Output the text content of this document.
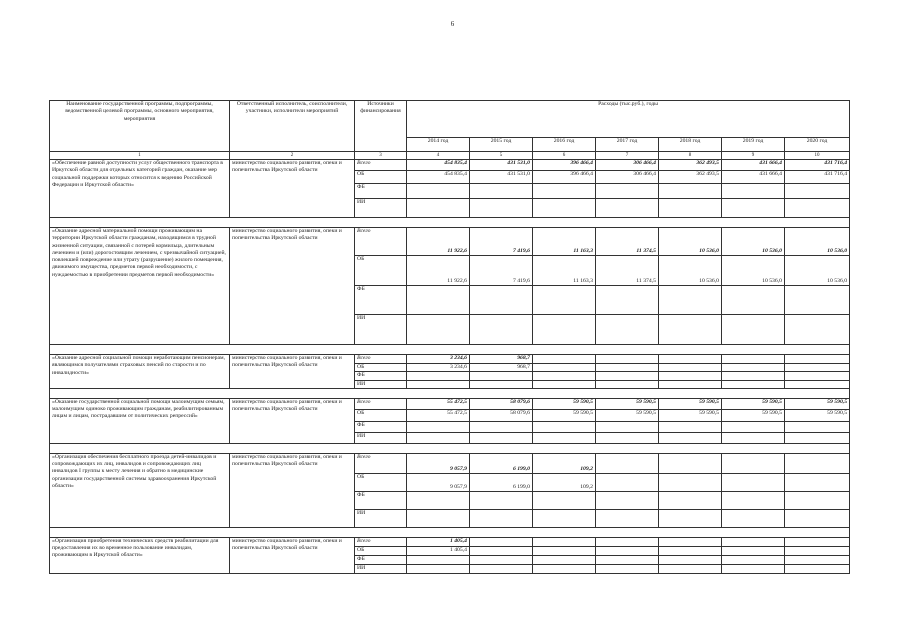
6
Наименование государственной программы, подпрограммы, ведомственной целевой программы, основного мероприятия, мероприятия	Ответственный исполнитель, соисполнители, участники, исполнители мероприятий	Источники финансирования	Расходы (тыс.руб.), годы						
			2014 год	2015 год	2016 год	2017 год	2018 год	2019 год	2020 год
1	2	3	4	5	6	7	8	9	10
«Обеспечение равной доступности услуг общественного транспорта в Иркутской области для отдельных категорий граждан, оказание мер социальной поддержки которых относится к ведению Российской Федерации и Иркутской области»	министерство социального развития, опеки и попечительства Иркутской области	Всего	454 835,4	431 531,0	396 466,4	306 466,4	362 493,5	431 666,4	431 716,4
		ОБ	454 835,4	431 531,0	396 466,4	306 466,4	362 493,5	431 666,4	431 716,4
		ФБ							
		ИИ							

«Оказание адресной материальной помощи проживающим на территории Иркутской области гражданам, находящимся в трудной жизненной ситуации, связанной с потерей кормильца, длительным лечением и (или) дорогостоящим лечением, с чрезвычайной ситуацией, повлекшей повреждение или утрату (разрушение) жилого помещения, движимого имущества, предметов первой необходимости, с нуждаемостью в приобретении предметов первой необходимости»	министерство социального развития, опеки и попечительства Иркутской области	Всего	11 922,6	7 419,6	11 163,3	11 374,5	10 536,0	10 536,0	10 536,0
		ОБ	11 922,6	7 419,6	11 163,3	11 374,5	10 536,0	10 536,0	10 536,0
		ФБ							
		ИИ							

«Оказание адресной социальной помощи неработающим пенсионерам, являющимся получателями страховых пенсий по старости и по инвалидности»	министерство социального развития, опеки и попечительства Иркутской области	Всего	3 234,6	968,7					
		ОБ	3 234,6	968,7					
		ФБ							
		ИИ							

«Оказание государственной социальной помощи малоимущим семьям, малоимущим одиноко проживающим гражданам, реабилитированным лицам и лицам, пострадавшим от политических репрессий»	министерство социального развития, опеки и попечительства Иркутской области	Всего	55 472,5	58 079,6	59 590,5	59 590,5	59 590,5	59 590,5	59 590,5
		ОБ	55 472,5	58 079,6	59 590,5	59 590,5	59 590,5	59 590,5	59 590,5
		ФБ							
		ИИ							

«Организация обеспечения бесплатного проезда детей-инвалидов и сопровождающих их лиц, инвалидов и сопровождающих лиц инвалидов I группы к месту лечения и обратно в медицинские организации государственной системы здравоохранения Иркутской области»	министерство социального развития, опеки и попечительства Иркутской области	Всего	9 057,9	6 199,0	109,2				
		ОБ	9 057,9	6 199,0	109,2				
		ФБ							
		ИИ							

«Организация приобретения технических средств реабилитации для предоставления их во временное пользование инвалидам, проживающим в Иркутской области»	министерство социального развития, опеки и попечительства Иркутской области	Всего	1 405,4						
		ОБ	1 405,4						
		ФБ							
		ИИ							
